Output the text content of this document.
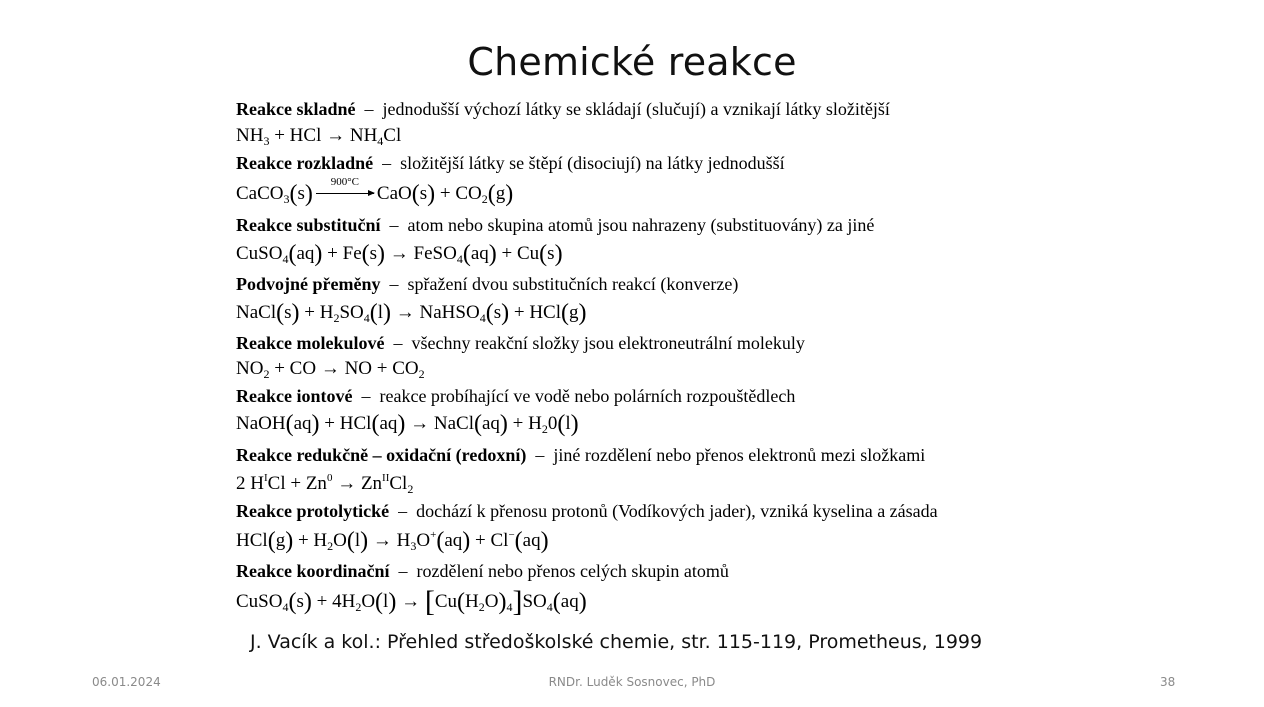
Chemické reakce
Reakce skladné – jednodušší výchozí látky se skládají (slučují) a vznikají látky složitější
$NH_3$ + HCl → $NH_4Cl$
Reakce rozkladné – složitější látky se štěpí (disociují) na látky jednodušší
CaCO$_3$(s)	900°C
$CaO(s) + CO_2(g)$
Reakce substituční – atom nebo skupina atomů jsou nahrazeny (substituovány) za jiné
CuSO$_4$(aq) + Fe(s) → FeSO$_4$(aq) + Cu(s)
Podvojné přeměny – spřažení dvou substitučních reakcí (konverze)
NaCl(s) + $H_2SO_4(l)$ → NaHSO$_4$(s) + HCl(g)
Reakce molekulové – všechny reakční složky jsou elektroneutrální molekuly
$NO_2$ + CO → NO + $CO_2$
Reakce iontové – reakce probíhající ve vodě nebo polárních rozpouštědlech
NaOH(aq) + HCl(aq) → NaCl(aq) + $H_20(l)$
Reakce redukčně – oxidační (redoxní) – jiné rozdělení nebo přenos elektronů mezi složkami
2 $H^ICl + Zn^0 \to Zn^{II}Cl_2$
Reakce protolytické – dochází k přenosu protonů (Vodíkových jader), vzniká kyselina a zásada
$HCl(g) + H_2O(l) \to H_3O^+(aq) + Cl^-(aq)$
Reakce koordinační – rozdělení nebo přenos celých skupin atomů
CuSO$_4$(s) + $4H_2O(l) \to [Cu(H_2O)_4]SO_4(aq)$
J. Vacík a kol.: Přehled středoškolské chemie, str. 115-119, Prometheus, 1999
06.01.2024	RNDr. Luděk Sosnovec, PhD	38
